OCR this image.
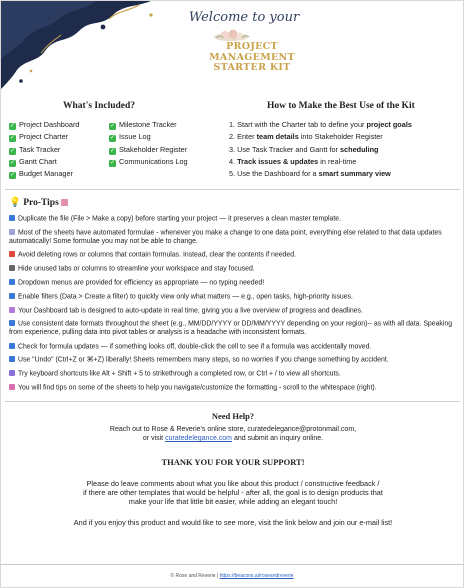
Welcome to your
PROJECT
MANAGEMENT
STARTER KIT
What's Included?	How to Make the Best Use of the Kit
✓ Project Dashboard
✓ Project Charter
✓ Task Tracker
✓ Gantt Chart
✓ Budget Manager
✓ Milestone Tracker
✓ Issue Log
✓ Stakeholder Register
✓ Communications Log
1. Start with the Charter tab to define your project goals
2. Enter team details into Stakeholder Register
3. Use Task Tracker and Gantt for scheduling
4. Track issues & updates in real-time
5. Use the Dashboard for a smart summary view
💡 Pro-Tips
Duplicate the file (File > Make a copy) before starting your project — it preserves a clean master template.
Most of the sheets have automated formulae - whenever you make a change to one data point, everything else related to that data updates automatically! Some formulae you may not be able to change.
Avoid deleting rows or columns that contain formulas. Instead, clear the contents if needed.
Hide unused tabs or columns to streamline your workspace and stay focused.
Dropdown menus are provided for efficiency as appropriate — no typing needed!
Enable filters (Data > Create a filter) to quickly view only what matters — e.g., open tasks, high-priority issues.
Your Dashboard tab is designed to auto-update in real time, giving you a live overview of progress and deadlines.
Use consistent date formats throughout the sheet (e.g., MM/DD/YYYY or DD/MM/YYYY depending on your region)-- as with all data. Speaking from experience, pulling data into pivot tables or analysis is a headache with inconsistent formats.
Check for formula updates — if something looks off, double-click the cell to see if a formula was accidentally moved.
Use "Undo" (Ctrl+Z or ⌘+Z) liberally! Sheets remembers many steps, so no worries if you change something by accident.
Try keyboard shortcuts like Alt + Shift + 5 to strikethrough a completed row, or Ctrl + / to view all shortcuts.
You will find tips on some of the sheets to help you navigate/customize the formatting - scroll to the whitespace (right).
Need Help?
Reach out to Rose & Reverie's online store, curatedelegance@protonmail.com,
or visit curatedelegance.com and submit an inquiry online.
THANK YOU FOR YOUR SUPPORT!
Please do leave comments about what you like about this product / constructive feedback /
if there are other templates that would be helpful - after all, the goal is to design products that
make your life that little bit easier, while adding an elegant touch!
And if you enjoy this product and would like to see more, visit the link below and join our e-mail list!
© Rose and Reverie | https://beacons.ai/roseandreverie
